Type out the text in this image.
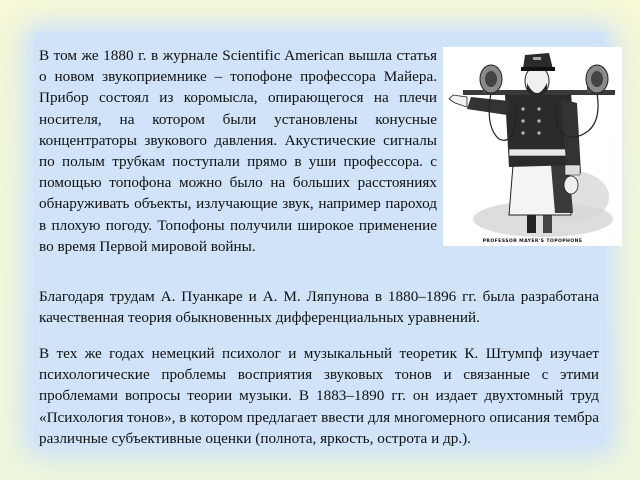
В том же 1880 г. в журнале Scientific American вышла статья о новом звукоприемнике – топофоне профессора Майера. Прибор состоял из коромысла, опирающегося на плечи носителя, на котором были установлены конусные концентраторы звукового давления. Акустические сигналы по полым трубкам поступали прямо в уши профессора. с помощью топофона можно было на больших расстояниях обнаруживать объекты, излучающие звук, например пароход в плохую погоду. Топофоны получили широкое применение во время Первой мировой войны.	PROFESSOR MAYER'S TOPOPHONE

Благодаря трудам А. Пуанкаре и А. М. Ляпунова в 1880–1896 гг. была разработана качественная теория обыкновенных дифференциальных уравнений.

В тех же годах немецкий психолог и музыкальный теоретик К. Штумпф изучает психологические проблемы восприятия звуковых тонов и связанные с этими проблемами вопросы теории музыки. В 1883–1890 гг. он издает двухтомный труд «Психология тонов», в котором предлагает ввести для многомерного описания тембра различные субъективные оценки (полнота, яркость, острота и др.).
